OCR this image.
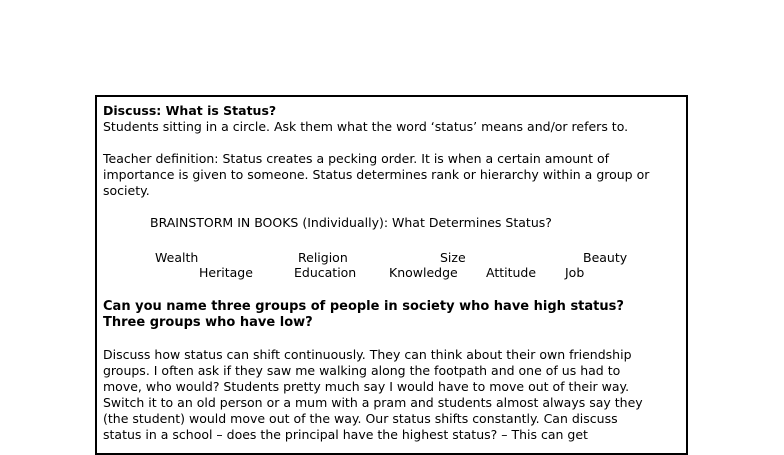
Discuss: What is Status?
Students sitting in a circle. Ask them what the word ‘status’ means and/or refers to.
Teacher definition: Status creates a pecking order. It is when a certain amount of
importance is given to someone. Status determines rank or hierarchy within a group or
society.
BRAINSTORM IN BOOKS (Individually): What Determines Status?
Wealth	Religion	Size	Beauty
Heritage	Education	Knowledge Attitude Job
Can you name three groups of people in society who have high status?
Three groups who have low?
Discuss how status can shift continuously. They can think about their own friendship
groups. I often ask if they saw me walking along the footpath and one of us had to
move, who would? Students pretty much say I would have to move out of their way.
Switch it to an old person or a mum with a pram and students almost always say they
(the student) would move out of the way. Our status shifts constantly. Can discuss
status in a school – does the principal have the highest status? – This can get
